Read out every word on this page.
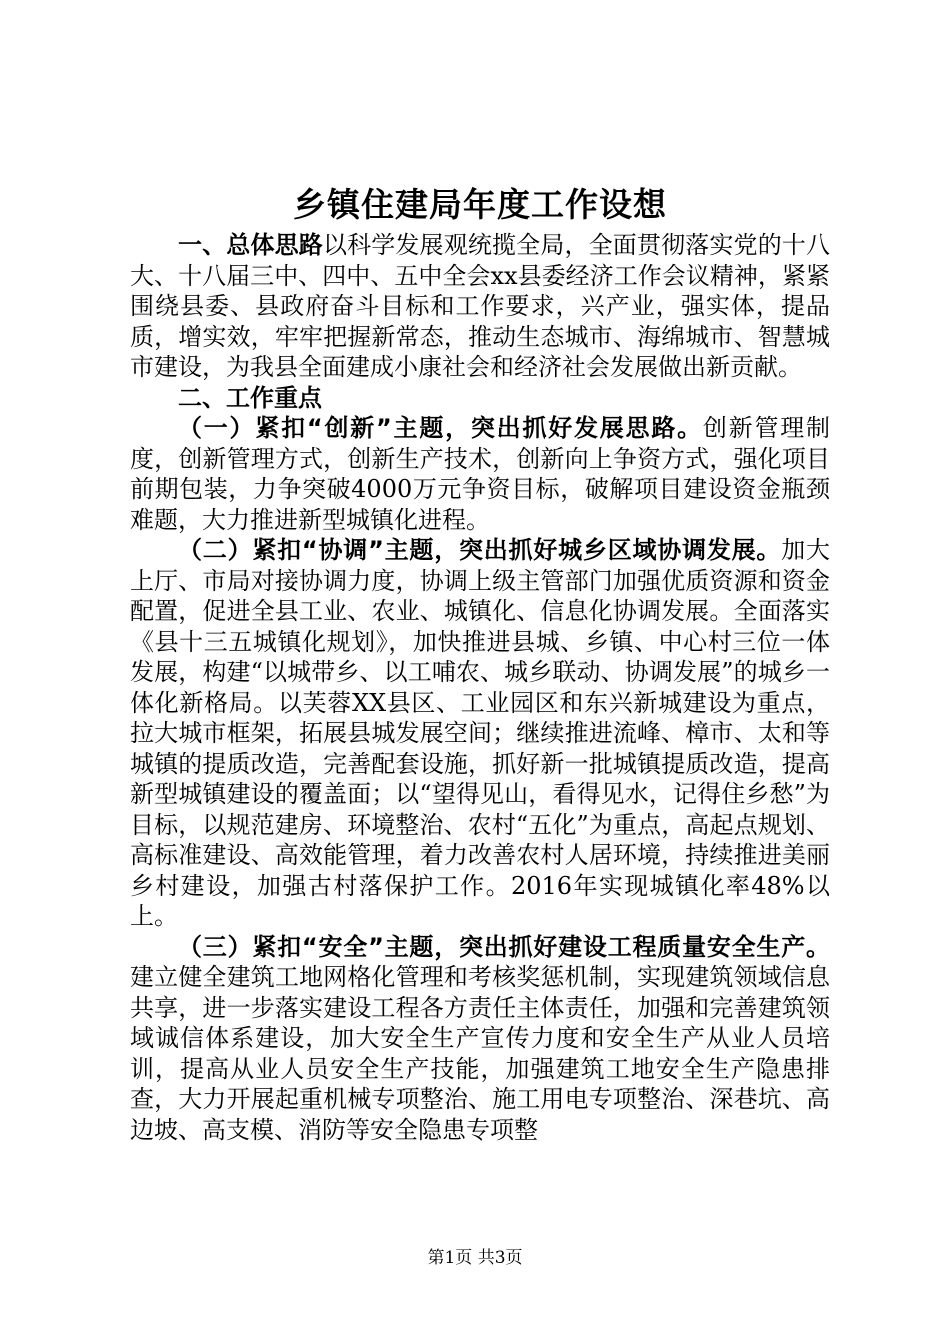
乡镇住建局年度工作设想

一、总体思路以科学发展观统揽全局，全面贯彻落实党的十八大、十八届三中、四中、五中全会xx县委经济工作会议精神，紧紧围绕县委、县政府奋斗目标和工作要求，兴产业，强实体，提品质，增实效，牢牢把握新常态，推动生态城市、海绵城市、智慧城市建设，为我县全面建成小康社会和经济社会发展做出新贡献。

二、工作重点

（一）紧扣“创新”主题，突出抓好发展思路。创新管理制度，创新管理方式，创新生产技术，创新向上争资方式，强化项目前期包装，力争突破4000万元争资目标，破解项目建设资金瓶颈难题，大力推进新型城镇化进程。

（二）紧扣“协调”主题，突出抓好城乡区域协调发展。加大上厅、市局对接协调力度，协调上级主管部门加强优质资源和资金配置，促进全县工业、农业、城镇化、信息化协调发展。全面落实《县十三五城镇化规划》，加快推进县城、乡镇、中心村三位一体发展，构建“以城带乡、以工哺农、城乡联动、协调发展”的城乡一体化新格局。以芙蓉XX县区、工业园区和东兴新城建设为重点，拉大城市框架，拓展县城发展空间；继续推进流峰、樟市、太和等城镇的提质改造，完善配套设施，抓好新一批城镇提质改造，提高新型城镇建设的覆盖面；以“望得见山，看得见水，记得住乡愁”为目标，以规范建房、环境整治、农村“五化”为重点，高起点规划、高标准建设、高效能管理，着力改善农村人居环境，持续推进美丽乡村建设，加强古村落保护工作。2016年实现城镇化率48%以上。

（三）紧扣“安全”主题，突出抓好建设工程质量安全生产。建立健全建筑工地网格化管理和考核奖惩机制，实现建筑领域信息共享，进一步落实建设工程各方责任主体责任，加强和完善建筑领域诚信体系建设，加大安全生产宣传力度和安全生产从业人员培训，提高从业人员安全生产技能，加强建筑工地安全生产隐患排查，大力开展起重机械专项整治、施工用电专项整治、深巷坑、高边坡、高支模、消防等安全隐患专项整

第1页 共3页
